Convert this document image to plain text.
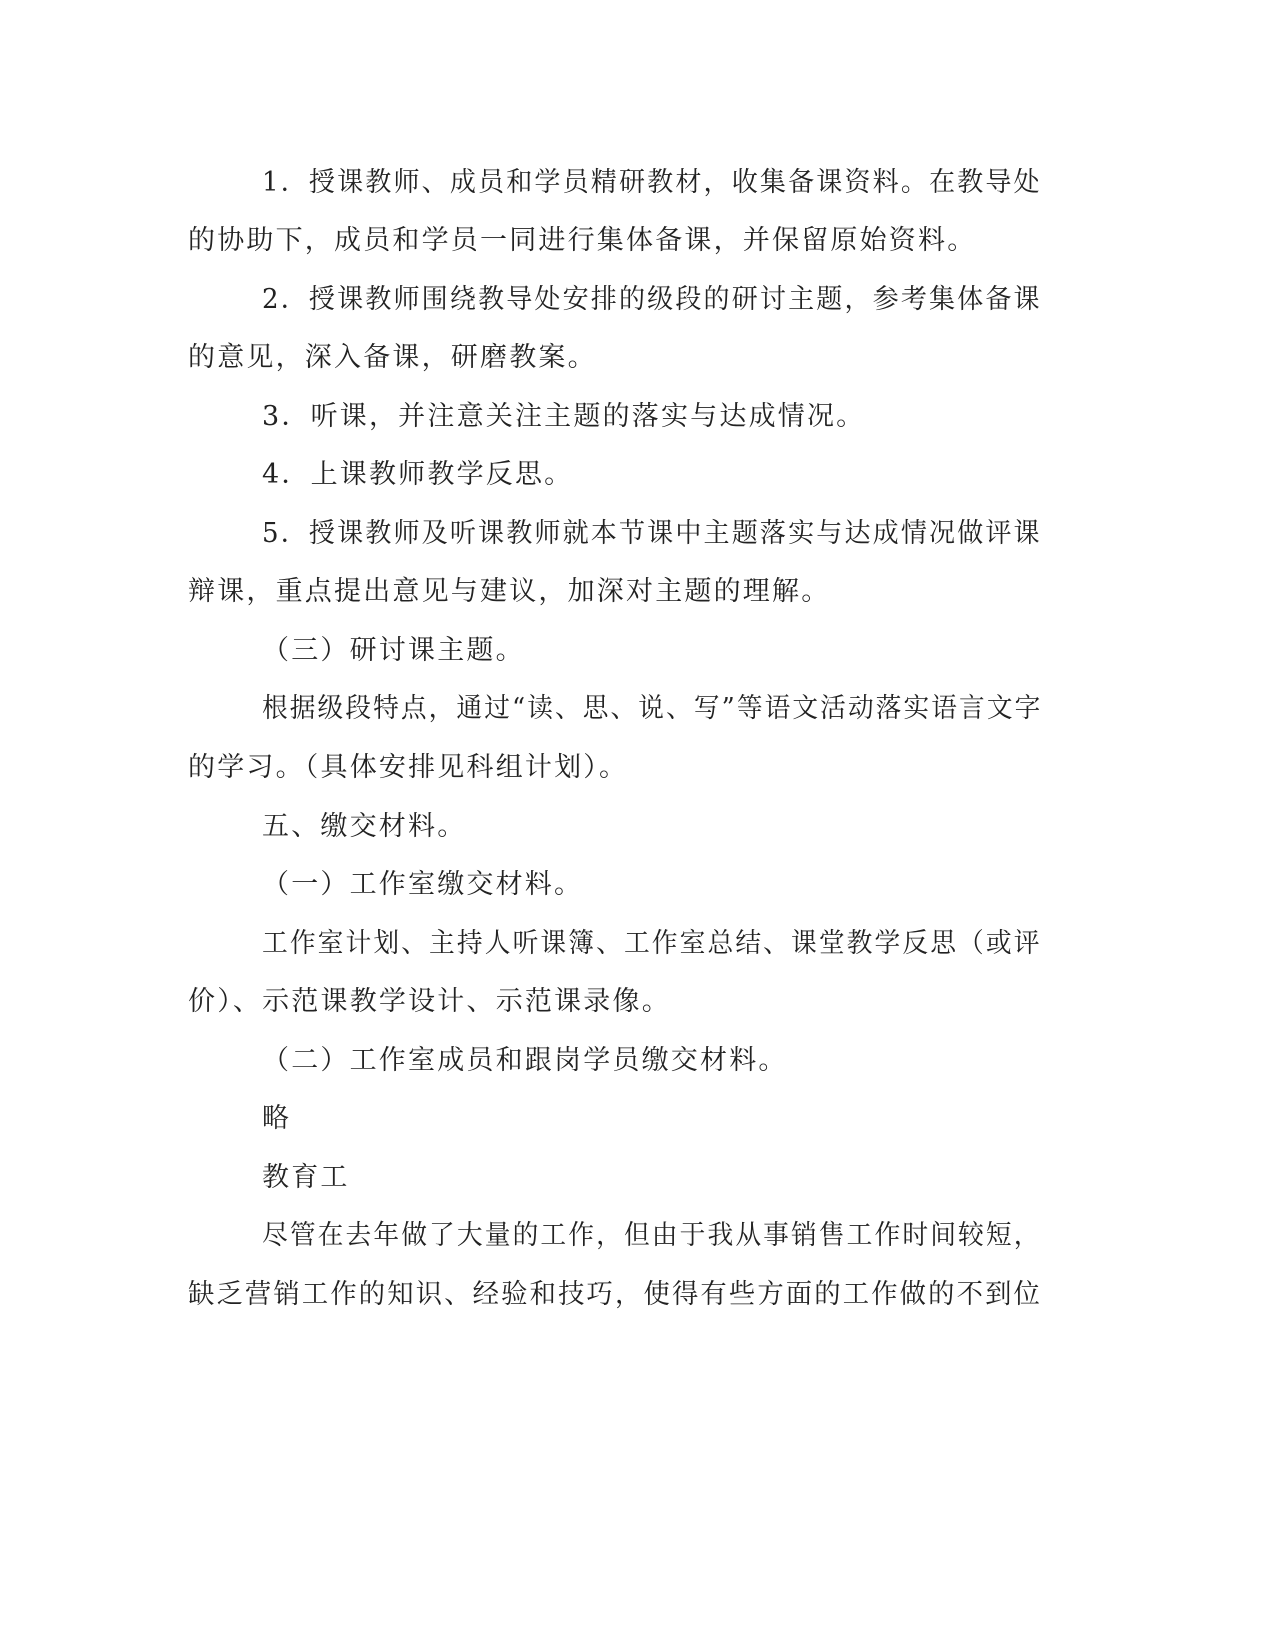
1．授课教师、成员和学员精研教材，收集备课资料。在教导处
的协助下，成员和学员一同进行集体备课，并保留原始资料。
2．授课教师围绕教导处安排的级段的研讨主题，参考集体备课
的意见，深入备课，研磨教案。
3．听课，并注意关注主题的落实与达成情况。
4．上课教师教学反思。
5．授课教师及听课教师就本节课中主题落实与达成情况做评课
辩课，重点提出意见与建议，加深对主题的理解。
（三）研讨课主题。
根据级段特点，通过“读、思、说、写”等语文活动落实语言文字
的学习。（具体安排见科组计划）。
五、缴交材料。
（一）工作室缴交材料。
工作室计划、主持人听课簿、工作室总结、课堂教学反思（或评
价）、示范课教学设计、示范课录像。
（二）工作室成员和跟岗学员缴交材料。
略
教育工
尽管在去年做了大量的工作，但由于我从事销售工作时间较短，
缺乏营销工作的知识、经验和技巧，使得有些方面的工作做的不到位
